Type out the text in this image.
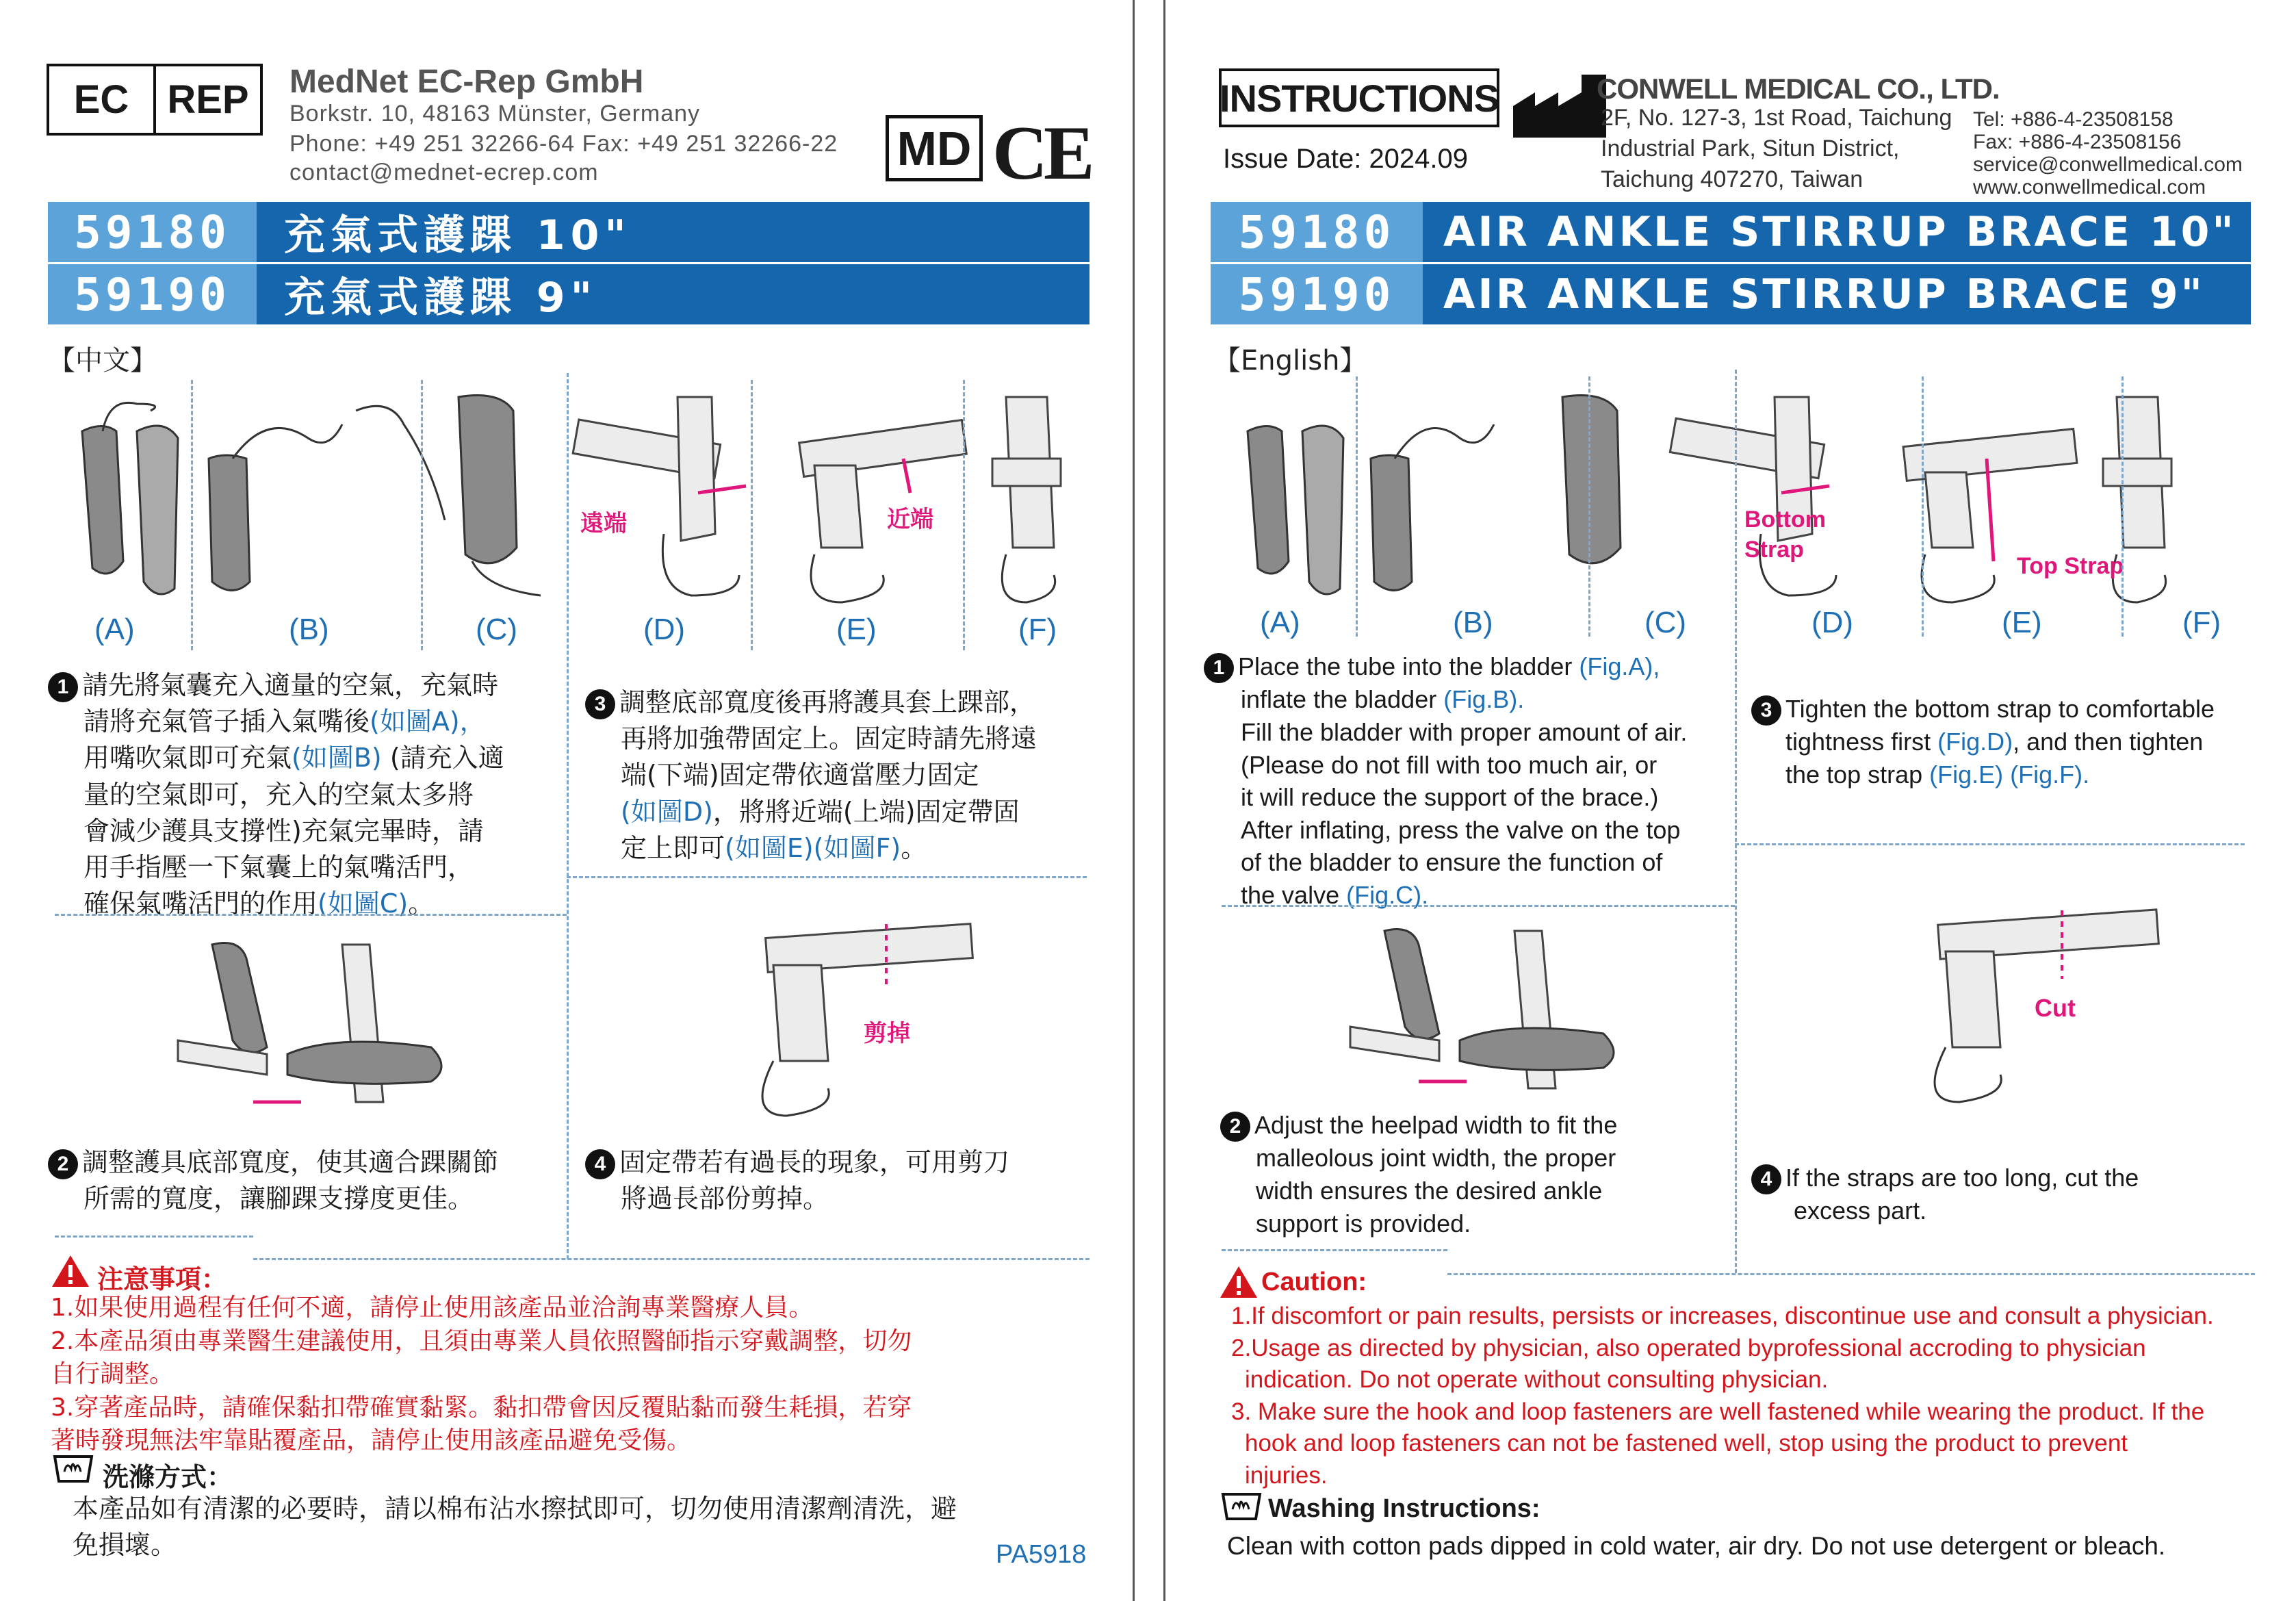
EC REP	MedNet EC-Rep GmbH
Borkstr. 10, 48163 Münster, Germany
Phone: +49 251 32266-64 Fax: +49 251 32266-22
contact@mednet-ecrep.com	MD CE
59180	充氣式護踝 10"
59190	充氣式護踝 9"
【中文】
遠端	近端
(A)	(B)	(C)	(D)	(E)	(F)
1 請先將氣囊充入適量的空氣，充氣時
請將充氣管子插入氣嘴後(如圖A)，
用嘴吹氣即可充氣(如圖B) (請充入適
量的空氣即可，充入的空氣太多將
會減少護具支撐性)充氣完畢時，請
用手指壓一下氣囊上的氣嘴活門，
確保氣嘴活門的作用(如圖C)。
3 調整底部寬度後再將護具套上踝部，
再將加強帶固定上。固定時請先將遠
端(下端)固定帶依適當壓力固定
(如圖D)，將將近端(上端)固定帶固
定上即可(如圖E)(如圖F)。
剪掉
2 調整護具底部寬度，使其適合踝關節
所需的寬度，讓腳踝支撐度更佳。
4 固定帶若有過長的現象，可用剪刀
將過長部份剪掉。
注意事項：
1.如果使用過程有任何不適，請停止使用該產品並洽詢專業醫療人員。
2.本產品須由專業醫生建議使用，且須由專業人員依照醫師指示穿戴調整，切勿
自行調整。
3.穿著產品時，請確保黏扣帶確實黏緊。黏扣帶會因反覆貼黏而發生耗損，若穿
著時發現無法牢靠貼覆產品，請停止使用該產品避免受傷。
洗滌方式：
本產品如有清潔的必要時，請以棉布沾水擦拭即可，切勿使用清潔劑清洗，避
免損壞。	PA5918
INSTRUCTIONS
Issue Date: 2024.09
CONWELL MEDICAL CO., LTD.
2F, No. 127-3, 1st Road, Taichung
Industrial Park, Situn District,
Taichung 407270, Taiwan
Tel: +886-4-23508158
Fax: +886-4-23508156
service@conwellmedical.com
www.conwellmedical.com
59180	AIR ANKLE STIRRUP BRACE 10"
59190	AIR ANKLE STIRRUP BRACE 9"
【English】
Bottom Strap
Top Strap
(A)	(B)	(C)	(D)	(E)	(F)
1 Place the tube into the bladder (Fig.A),
inflate the bladder (Fig.B).
Fill the bladder with proper amount of air.
(Please do not fill with too much air, or
it will reduce the support of the brace.)
After inflating, press the valve on the top
of the bladder to ensure the function of
the valve (Fig.C).
3 Tighten the bottom strap to comfortable
tightness first (Fig.D), and then tighten
the top strap (Fig.E) (Fig.F).
Cut
2 Adjust the heelpad width to fit the
malleolous joint width, the proper
width ensures the desired ankle
support is provided.
4 If the straps are too long, cut the
excess part.
Caution:
1.If discomfort or pain results, persists or increases, discontinue use and consult a physician.
2.Usage as directed by physician, also operated byprofessional accroding to physician
indication. Do not operate without consulting physician.
3. Make sure the hook and loop fasteners are well fastened while wearing the product. If the
hook and loop fasteners can not be fastened well, stop using the product to prevent
injuries.
Washing Instructions:
Clean with cotton pads dipped in cold water, air dry. Do not use detergent or bleach.
